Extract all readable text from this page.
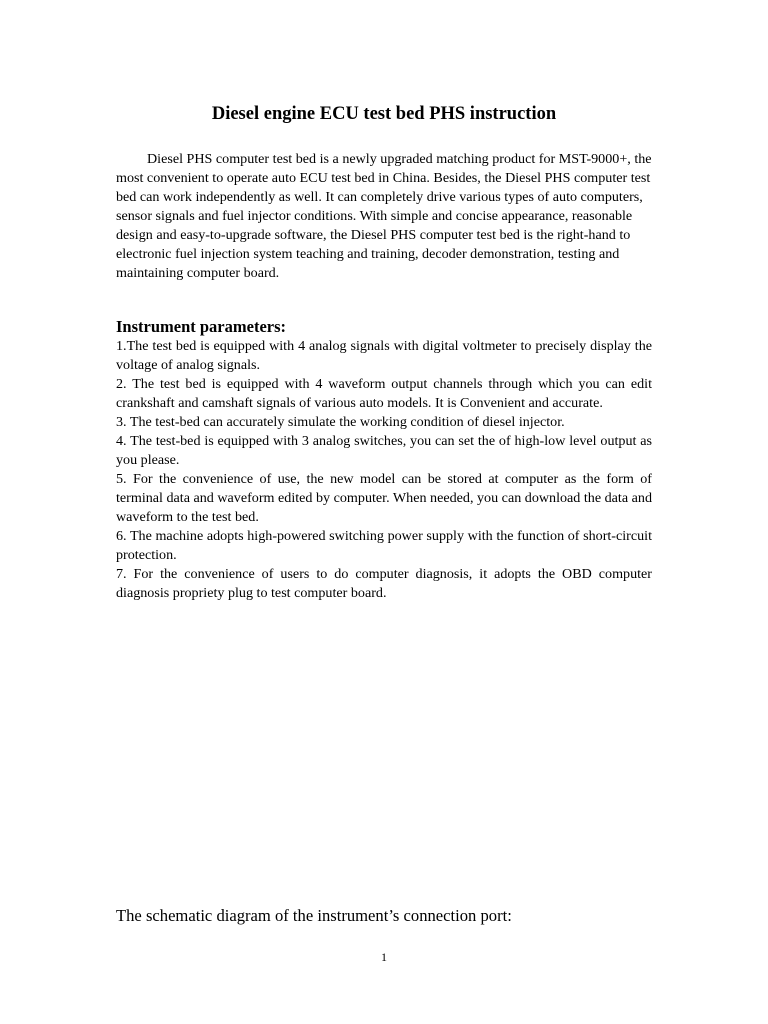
Diesel engine ECU test bed PHS instruction

Diesel PHS computer test bed is a newly upgraded matching product for MST-9000+, the most convenient to operate auto ECU test bed in China. Besides, the Diesel PHS computer test bed can work independently as well. It can completely drive various types of auto computers, sensor signals and fuel injector conditions. With simple and concise appearance, reasonable design and easy-to-upgrade software, the Diesel PHS computer test bed is the right-hand to electronic fuel injection system teaching and training, decoder demonstration, testing and maintaining computer board.

Instrument parameters:
1.The test bed is equipped with 4 analog signals with digital voltmeter to precisely display the voltage of analog signals.
2. The test bed is equipped with 4 waveform output channels through which you can edit crankshaft and camshaft signals of various auto models. It is Convenient and accurate.
3. The test-bed can accurately simulate the working condition of diesel injector.
4. The test-bed is equipped with 3 analog switches, you can set the of high-low level output as you please.
5. For the convenience of use, the new model can be stored at computer as the form of terminal data and waveform edited by computer. When needed, you can download the data and waveform to the test bed.
6. The machine adopts high-powered switching power supply with the function of short-circuit protection.
7. For the convenience of users to do computer diagnosis, it adopts the OBD computer diagnosis propriety plug to test computer board.

The schematic diagram of the instrument’s connection port:

1
